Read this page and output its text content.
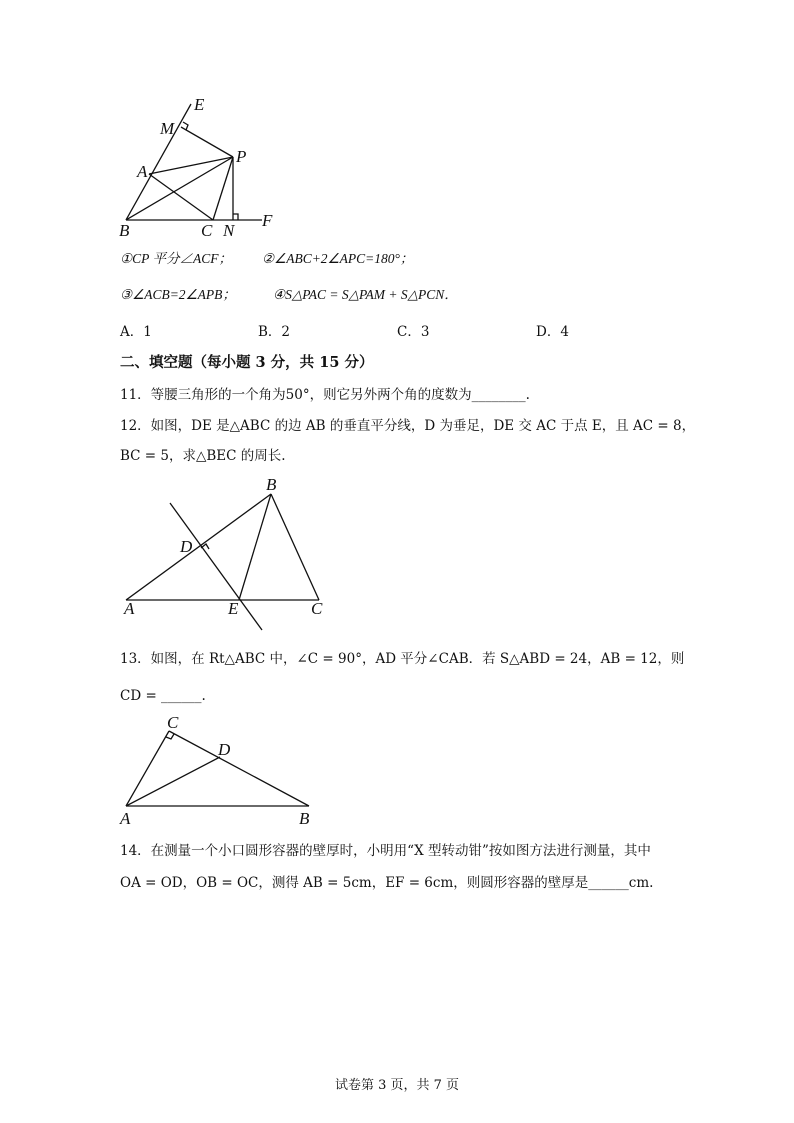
E
M
A
P
B	C N
F
①CP 平分∠ACF； ②∠ABC+2∠APC=180°；
③∠ACB=2∠APB；	④S△PAC = S△PAM + S△PCN．
A．1	B．2	C．3	D．4
二、填空题（每小题 3 分，共 15 分）
11．等腰三角形的一个角为50°，则它另外两个角的度数为________.
12．如图，DE 是△ABC 的边 AB 的垂直平分线，D 为垂足，DE 交 AC 于点 E，且 AC = 8，
BC = 5，求△BEC 的周长.
B
D
A	E	C
13．如图，在 Rt△ABC 中，∠C = 90°，AD 平分∠CAB．若 S△ABD = 24，AB = 12，则
CD = ______.
C
D
A	B
14．在测量一个小口圆形容器的壁厚时，小明用“X 型转动钳”按如图方法进行测量，其中
OA = OD，OB = OC，测得 AB = 5cm，EF = 6cm，则圆形容器的壁厚是______cm.
试卷第 3 页，共 7 页
